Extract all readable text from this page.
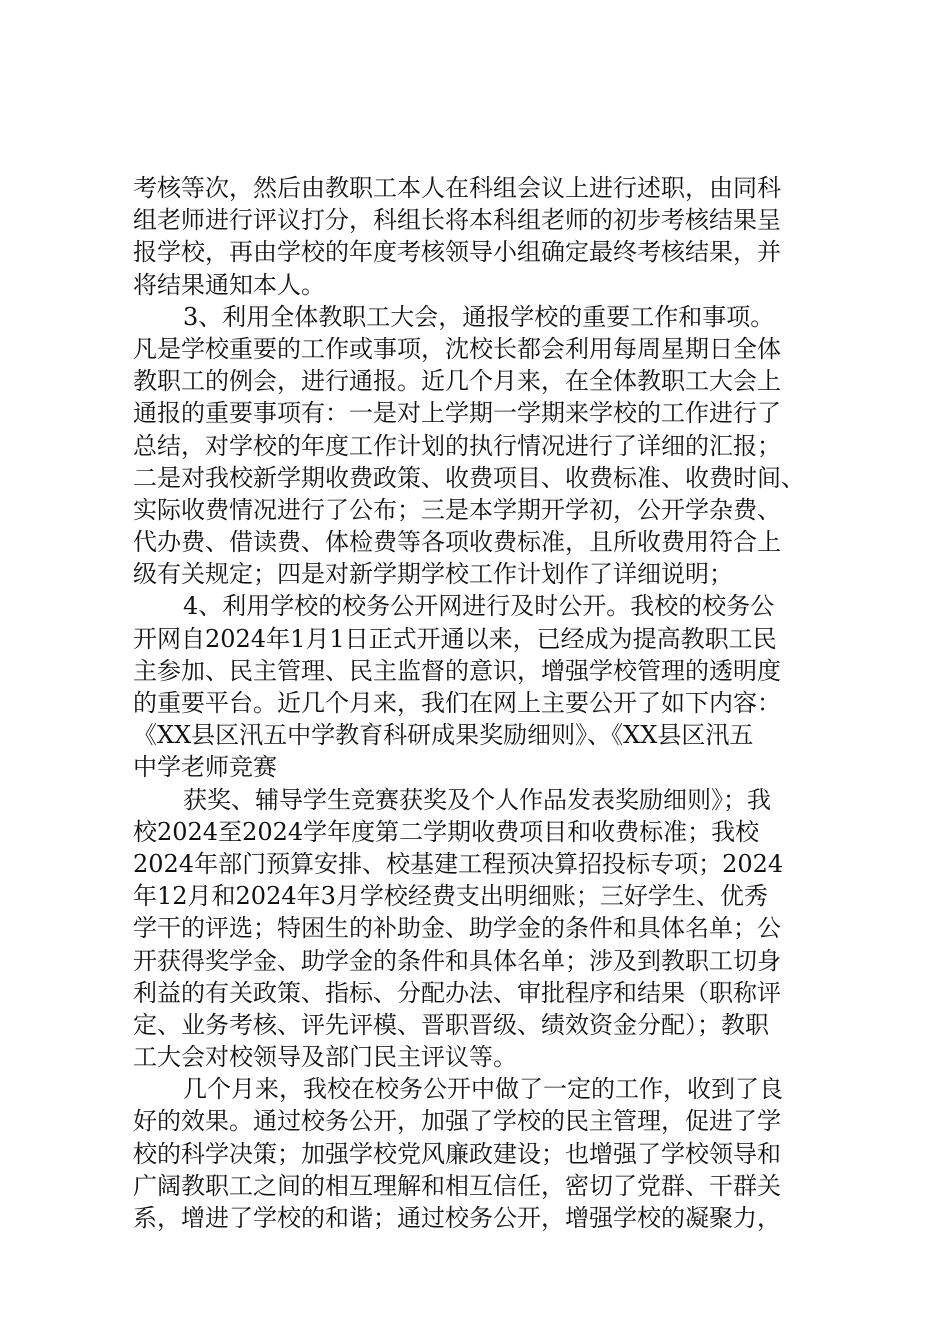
考核等次，然后由教职工本人在科组会议上进行述职，由同科
组老师进行评议打分，科组长将本科组老师的初步考核结果呈
报学校，再由学校的年度考核领导小组确定最终考核结果，并
将结果通知本人。
3、利用全体教职工大会，通报学校的重要工作和事项。
凡是学校重要的工作或事项，沈校长都会利用每周星期日全体
教职工的例会，进行通报。近几个月来，在全体教职工大会上
通报的重要事项有：一是对上学期一学期来学校的工作进行了
总结，对学校的年度工作计划的执行情况进行了详细的汇报；
二是对我校新学期收费政策、收费项目、收费标准、收费时间、
实际收费情况进行了公布；三是本学期开学初，公开学杂费、
代办费、借读费、体检费等各项收费标准，且所收费用符合上
级有关规定；四是对新学期学校工作计划作了详细说明；
4、利用学校的校务公开网进行及时公开。我校的校务公
开网自2024年1月1日正式开通以来，已经成为提高教职工民
主参加、民主管理、民主监督的意识，增强学校管理的透明度
的重要平台。近几个月来，我们在网上主要公开了如下内容：
《XX县区汛五中学教育科研成果奖励细则》、《XX县区汛五
中学老师竞赛
获奖、辅导学生竞赛获奖及个人作品发表奖励细则》；我
校2024至2024学年度第二学期收费项目和收费标准；我校
2024年部门预算安排、校基建工程预决算招投标专项；2024
年12月和2024年3月学校经费支出明细账；三好学生、优秀
学干的评选；特困生的补助金、助学金的条件和具体名单；公
开获得奖学金、助学金的条件和具体名单；涉及到教职工切身
利益的有关政策、指标、分配办法、审批程序和结果（职称评
定、业务考核、评先评模、晋职晋级、绩效资金分配）；教职
工大会对校领导及部门民主评议等。
几个月来，我校在校务公开中做了一定的工作，收到了良
好的效果。通过校务公开，加强了学校的民主管理，促进了学
校的科学决策；加强学校党风廉政建设；也增强了学校领导和
广阔教职工之间的相互理解和相互信任，密切了党群、干群关
系，增进了学校的和谐；通过校务公开，增强学校的凝聚力，
